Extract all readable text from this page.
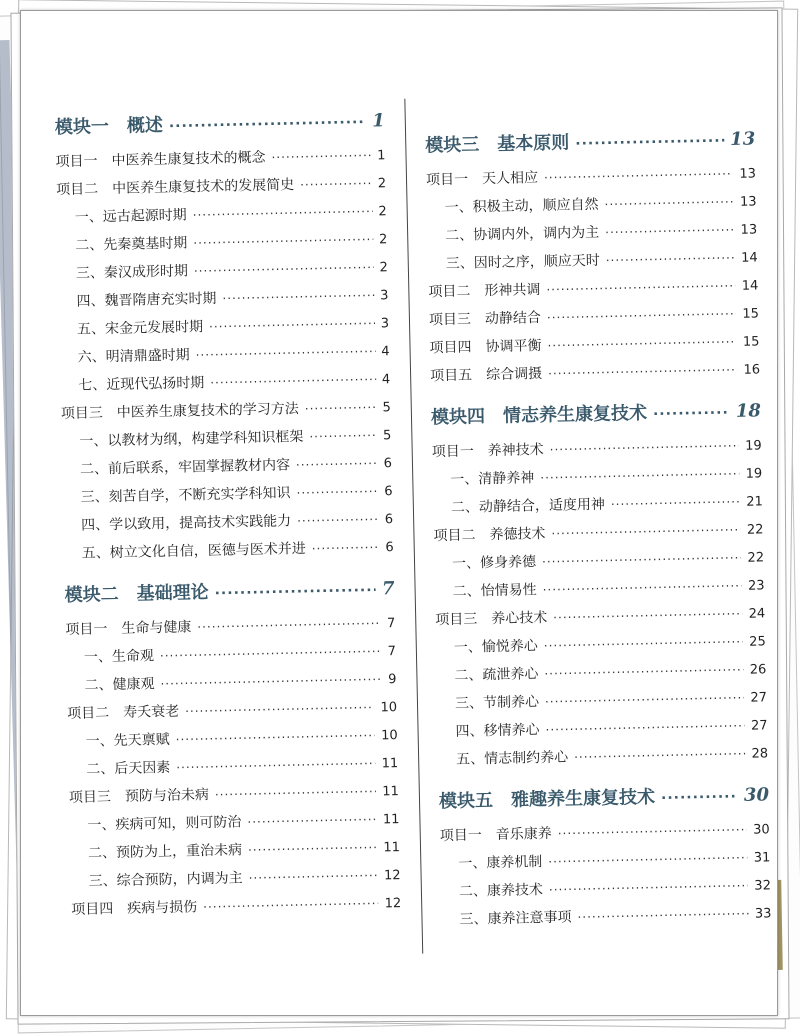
模块一　概述 ·····	1
项目一　中医养生康复技术的概念 ·····	1
项目二　中医养生康复技术的发展简史 ·····	2
一、远古起源时期 ·····	2
二、先秦奠基时期 ·····	2
三、秦汉成形时期 ·····	2
四、魏晋隋唐充实时期 ·····	3
五、宋金元发展时期 ·····	3
六、明清鼎盛时期 ·····	4
七、近现代弘扬时期 ·····	4
项目三　中医养生康复技术的学习方法 ·····	5
一、以教材为纲，构建学科知识框架 ·····	5
二、前后联系，牢固掌握教材内容 ·····	6
三、刻苦自学，不断充实学科知识 ·····	6
四、学以致用，提高技术实践能力 ·····	6
五、树立文化自信，医德与医术并进 ·····	6
模块二　基础理论 ·····	7
项目一　生命与健康 ·····	7
一、生命观 ·····	7
二、健康观 ·····	9
项目二　寿夭衰老 ·····	10
一、先天禀赋 ·····	10
二、后天因素 ·····	11
项目三　预防与治未病 ·····	11
一、疾病可知，则可防治 ·····	11
二、预防为上，重治未病 ·····	11
三、综合预防，内调为主 ·····	12
项目四　疾病与损伤 ·····	12
模块三　基本原则 ·····	13
项目一　天人相应 ·····	13
一、积极主动，顺应自然 ·····	13
二、协调内外，调内为主 ·····	13
三、因时之序，顺应天时 ·····	14
项目二　形神共调 ·····	14
项目三　动静结合 ·····	15
项目四　协调平衡 ·····	15
项目五　综合调摄 ·····	16
模块四　情志养生康复技术 ·····	18
项目一　养神技术 ·····	19
一、清静养神 ·····	19
二、动静结合，适度用神 ·····	21
项目二　养德技术 ·····	22
一、修身养德 ·····	22
二、怡情易性 ·····	23
项目三　养心技术 ·····	24
一、愉悦养心 ·····	25
二、疏泄养心 ·····	26
三、节制养心 ·····	27
四、移情养心 ·····	27
五、情志制约养心 ·····	28
模块五　雅趣养生康复技术 ·····	30
项目一　音乐康养 ·····	30
一、康养机制 ·····	31
二、康养技术 ·····	32
三、康养注意事项 ·····	33
